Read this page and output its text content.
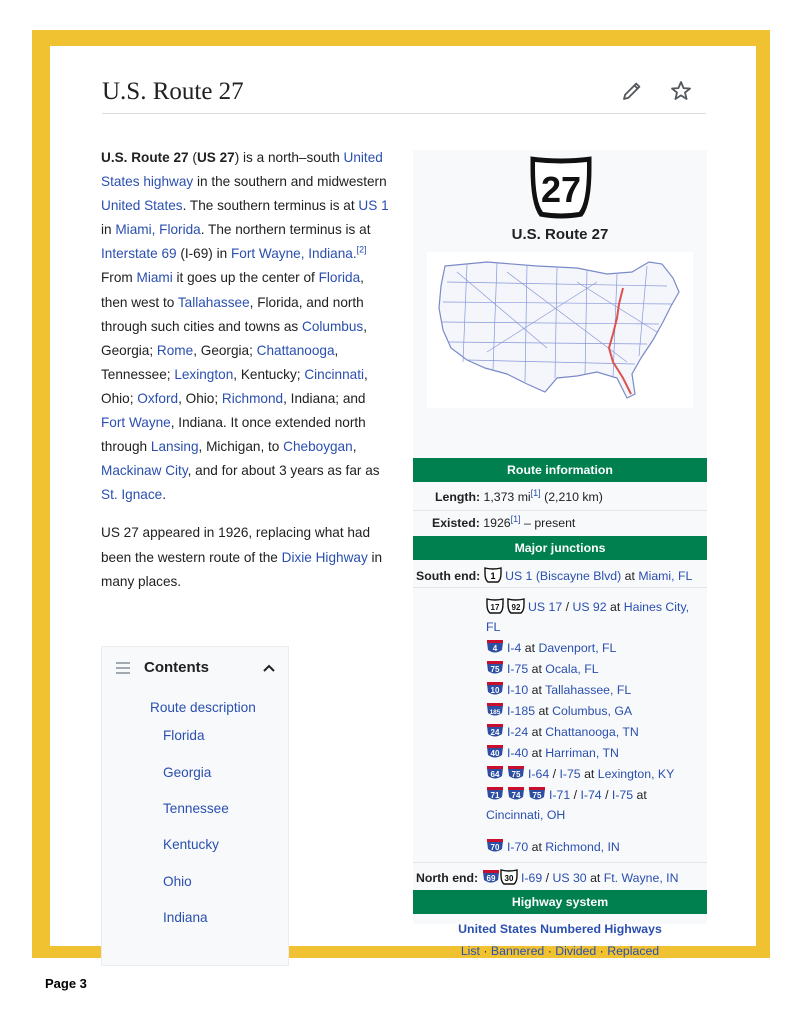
U.S. Route 27

U.S. Route 27 (US 27) is a north–south United States highway in the southern and midwestern United States. The southern terminus is at US 1 in Miami, Florida. The northern terminus is at Interstate 69 (I-69) in Fort Wayne, Indiana.[2] From Miami it goes up the center of Florida, then west to Tallahassee, Florida, and north through such cities and towns as Columbus, Georgia; Rome, Georgia; Chattanooga, Tennessee; Lexington, Kentucky; Cincinnati, Ohio; Oxford, Ohio; Richmond, Indiana; and Fort Wayne, Indiana. It once extended north through Lansing, Michigan, to Cheboygan, Mackinaw City, and for about 3 years as far as St. Ignace.

US 27 appeared in 1926, replacing what had been the western route of the Dixie Highway in many places.

Contents
Route description
Florida
Georgia
Tennessee
Kentucky
Ohio
Indiana
27
U.S. Route 27
Route information
Length: 1,373 mi[1] (2,210 km)
Existed: 1926[1] – present
Major junctions
South end: 1 US 1 (Biscayne Blvd) at Miami, FL
17 92 US 17 / US 92 at Haines City, FL
4 I-4 at Davenport, FL
75 I-75 at Ocala, FL
10 I-10 at Tallahassee, FL
185 I-185 at Columbus, GA
24 I-24 at Chattanooga, TN
40 I-40 at Harriman, TN
64 75 I-64 / I-75 at Lexington, KY
71 74 75 I-71 / I-74 / I-75 at Cincinnati, OH
70 I-70 at Richmond, IN
North end: 69 30 I-69 / US 30 at Ft. Wayne, IN
Highway system
United States Numbered Highways
List · Bannered · Divided · Replaced
Page 3
